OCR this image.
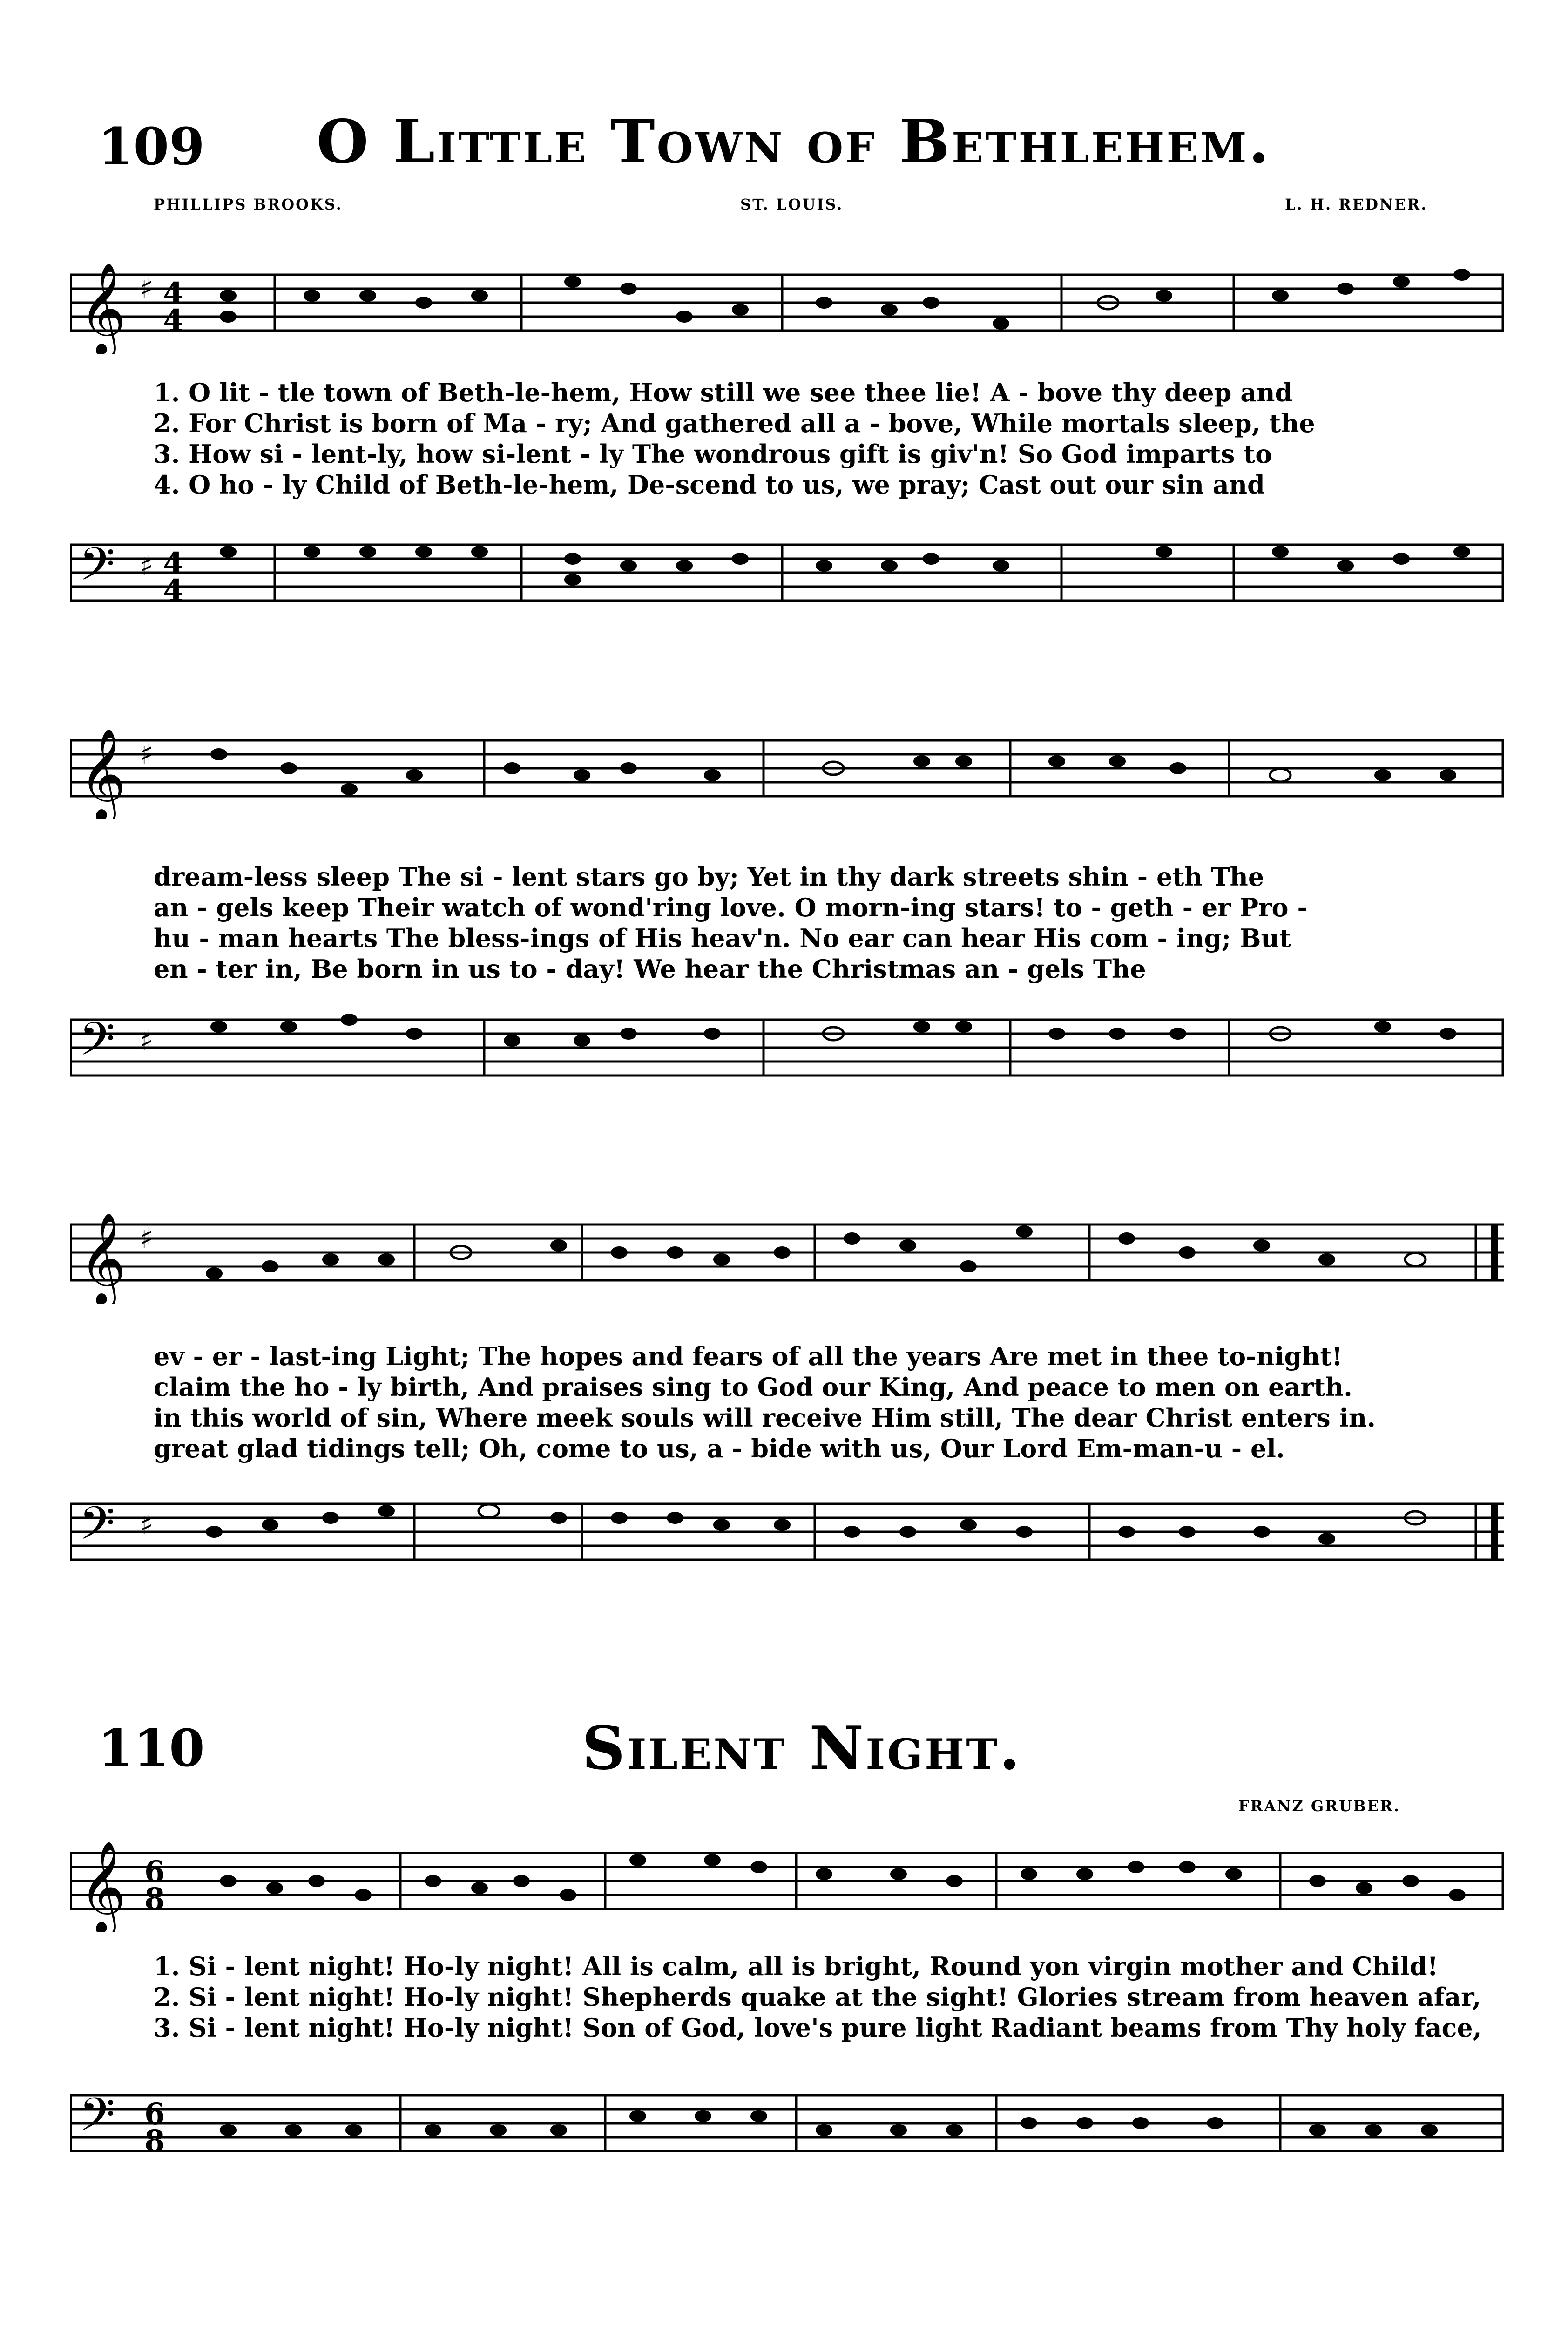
109 O Little Town of Bethlehem.
PHILLIPS BROOKS.	ST. LOUIS.	L. H. REDNER.
𝄞 ♯ 4
4
1. O lit - tle town of Beth-le-hem, How still we see thee lie! A - bove thy deep and
2. For Christ is born of Ma - ry; And gathered all a - bove, While mortals sleep, the
3. How si - lent-ly, how si-lent - ly The wondrous gift is giv'n! So God imparts to
4. O ho - ly Child of Beth-le-hem, De-scend to us, we pray; Cast out our sin and
𝄢 ♯ 4
4
𝄞 ♯
dream-less sleep The si - lent stars go by; Yet in thy dark streets shin - eth The
an - gels keep Their watch of wond'ring love. O morn-ing stars! to - geth - er Pro -
hu - man hearts The bless-ings of His heav'n. No ear can hear His com - ing; But
en - ter in, Be born in us to - day! We hear the Christmas an - gels The
𝄢 ♯
𝄞 ♯
ev - er - last-ing Light; The hopes and fears of all the years Are met in thee to-night!
claim the ho - ly birth, And praises sing to God our King, And peace to men on earth.
in this world of sin, Where meek souls will receive Him still, The dear Christ enters in.
great glad tidings tell; Oh, come to us, a - bide with us, Our Lord Em-man-u - el.
𝄢 ♯
110	Silent Night.
FRANZ GRUBER.
𝄞 6
8
1. Si - lent night! Ho-ly night! All is calm, all is bright, Round yon virgin mother and Child!
2. Si - lent night! Ho-ly night! Shepherds quake at the sight! Glories stream from heaven afar,
3. Si - lent night! Ho-ly night! Son of God, love's pure light Radiant beams from Thy holy face,
𝄢 6
8
